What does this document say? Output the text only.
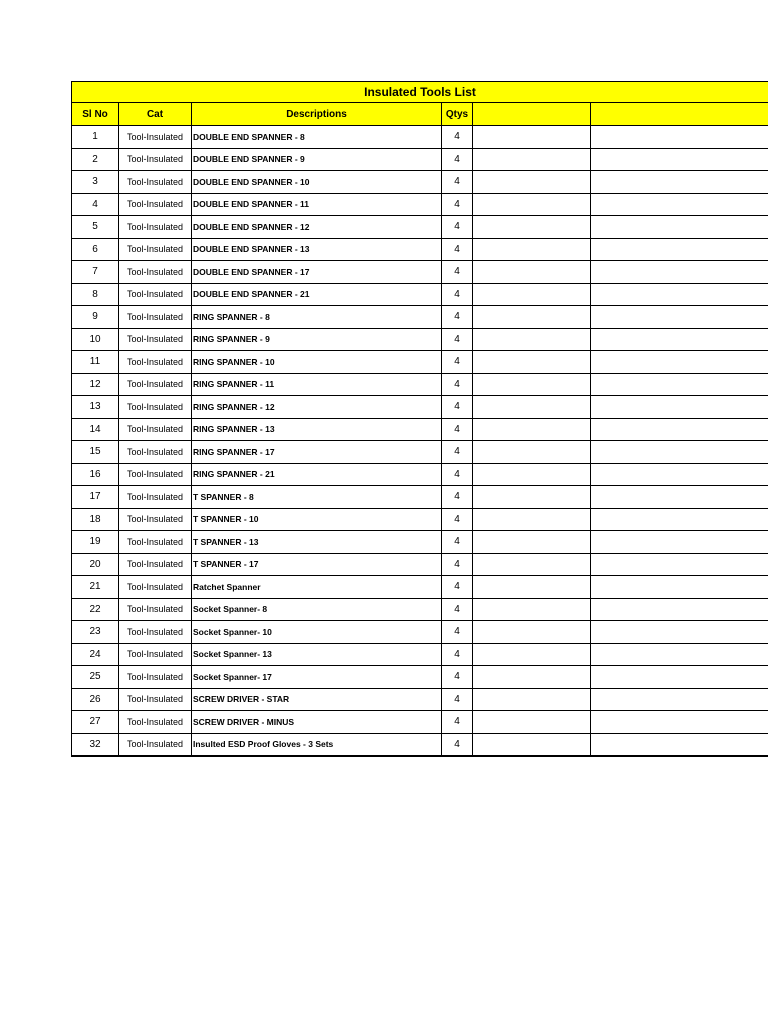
Insulated Tools List					
Sl No	Cat	Descriptions	Qtys		
1	Tool-Insulated	DOUBLE END SPANNER - 8	4		
2	Tool-Insulated	DOUBLE END SPANNER - 9	4		
3	Tool-Insulated	DOUBLE END SPANNER - 10	4		
4	Tool-Insulated	DOUBLE END SPANNER - 11	4		
5	Tool-Insulated	DOUBLE END SPANNER - 12	4		
6	Tool-Insulated	DOUBLE END SPANNER - 13	4		
7	Tool-Insulated	DOUBLE END SPANNER - 17	4		
8	Tool-Insulated	DOUBLE END SPANNER - 21	4		
9	Tool-Insulated	RING SPANNER - 8	4		
10	Tool-Insulated	RING SPANNER - 9	4		
11	Tool-Insulated	RING SPANNER - 10	4		
12	Tool-Insulated	RING SPANNER - 11	4		
13	Tool-Insulated	RING SPANNER - 12	4		
14	Tool-Insulated	RING SPANNER - 13	4		
15	Tool-Insulated	RING SPANNER - 17	4		
16	Tool-Insulated	RING SPANNER - 21	4		
17	Tool-Insulated	T SPANNER - 8	4		
18	Tool-Insulated	T SPANNER - 10	4		
19	Tool-Insulated	T SPANNER - 13	4		
20	Tool-Insulated	T SPANNER - 17	4		
21	Tool-Insulated	Ratchet Spanner	4		
22	Tool-Insulated	Socket Spanner- 8	4		
23	Tool-Insulated	Socket Spanner- 10	4		
24	Tool-Insulated	Socket Spanner- 13	4		
25	Tool-Insulated	Socket Spanner- 17	4		
26	Tool-Insulated	SCREW DRIVER - STAR	4		
27	Tool-Insulated	SCREW DRIVER - MINUS	4		
32	Tool-Insulated	Insulted ESD Proof Gloves - 3 Sets	4		
